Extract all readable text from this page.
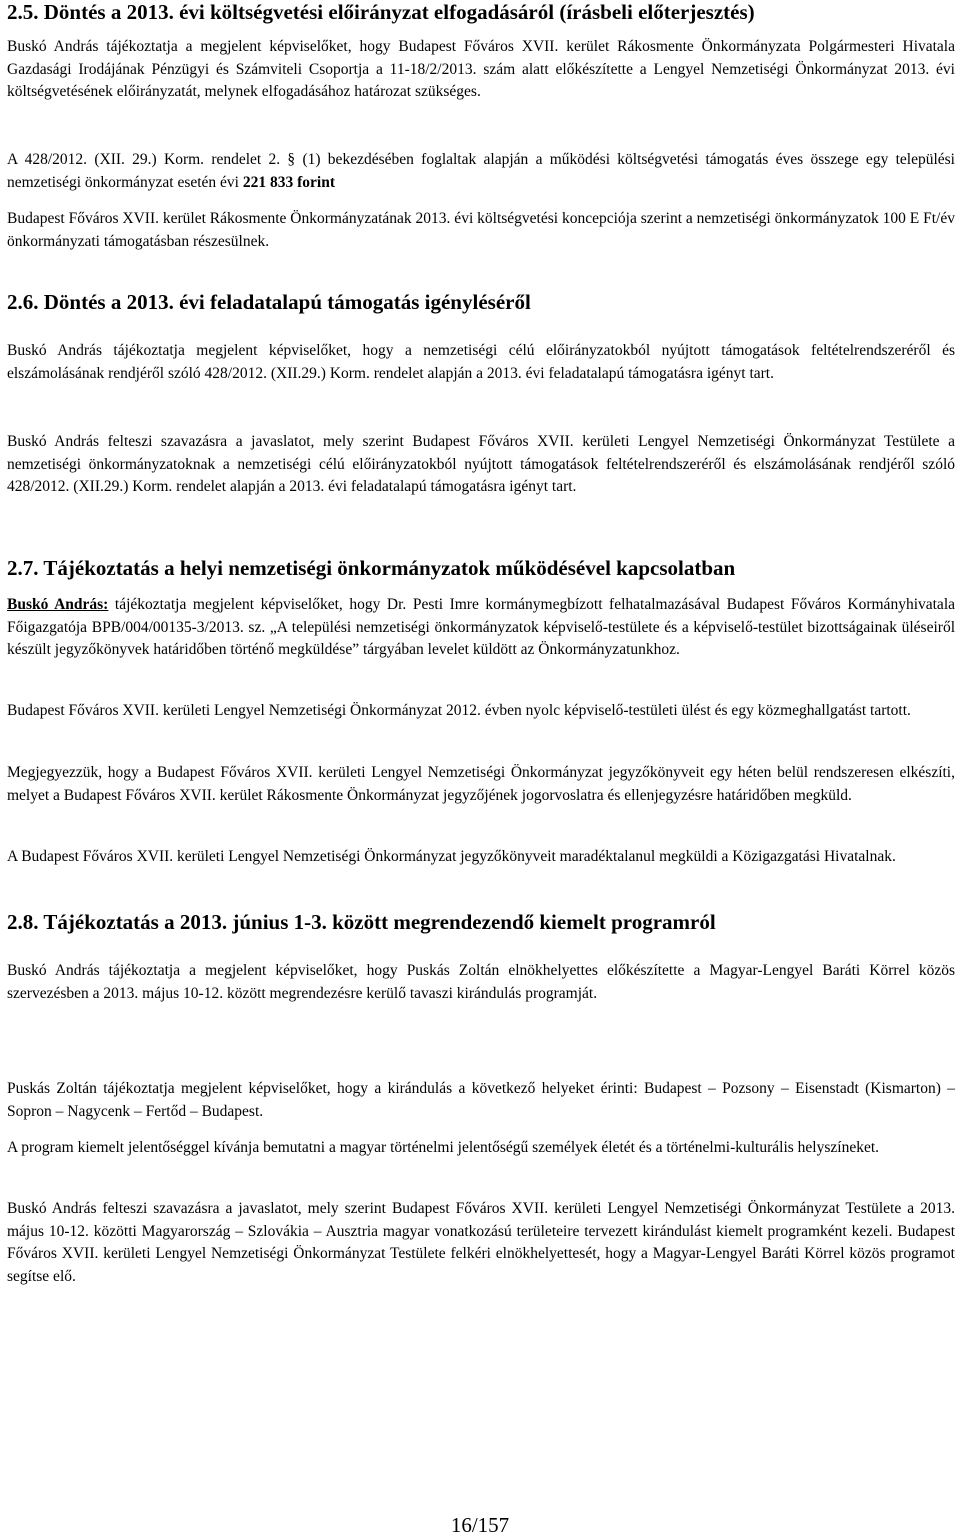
2.5. Döntés a 2013. évi költségvetési előirányzat elfogadásáról (írásbeli előterjesztés)

Buskó András tájékoztatja a megjelent képviselőket, hogy Budapest Főváros XVII. kerület Rákosmente Önkormányzata Polgármesteri Hivatala Gazdasági Irodájának Pénzügyi és Számviteli Csoportja a 11-18/2/2013. szám alatt előkészítette a Lengyel Nemzetiségi Önkormányzat 2013. évi költségvetésének előirányzatát, melynek elfogadásához határozat szükséges.

A 428/2012. (XII. 29.) Korm. rendelet 2. § (1) bekezdésében foglaltak alapján a működési költségvetési támogatás éves összege egy települési nemzetiségi önkormányzat esetén évi 221 833 forint

Budapest Főváros XVII. kerület Rákosmente Önkormányzatának 2013. évi költségvetési koncepciója szerint a nemzetiségi önkormányzatok 100 E Ft/év önkormányzati támogatásban részesülnek.

2.6. Döntés a 2013. évi feladatalapú támogatás igényléséről

Buskó András tájékoztatja megjelent képviselőket, hogy a nemzetiségi célú előirányzatokból nyújtott támogatások feltételrendszeréről és elszámolásának rendjéről szóló 428/2012. (XII.29.) Korm. rendelet alapján a 2013. évi feladatalapú támogatásra igényt tart.

Buskó András felteszi szavazásra a javaslatot, mely szerint Budapest Főváros XVII. kerületi Lengyel Nemzetiségi Önkormányzat Testülete a nemzetiségi önkormányzatoknak a nemzetiségi célú előirányzatokból nyújtott támogatások feltételrendszeréről és elszámolásának rendjéről szóló 428/2012. (XII.29.) Korm. rendelet alapján a 2013. évi feladatalapú támogatásra igényt tart.

2.7. Tájékoztatás a helyi nemzetiségi önkormányzatok működésével kapcsolatban

Buskó András: tájékoztatja megjelent képviselőket, hogy Dr. Pesti Imre kormánymegbízott felhatalmazásával Budapest Főváros Kormányhivatala Főigazgatója BPB/004/00135-3/2013. sz. „A települési nemzetiségi önkormányzatok képviselő-testülete és a képviselő-testület bizottságainak üléseiről készült jegyzőkönyvek határidőben történő megküldése” tárgyában levelet küldött az Önkormányzatunkhoz.

Budapest Főváros XVII. kerületi Lengyel Nemzetiségi Önkormányzat 2012. évben nyolc képviselő-testületi ülést és egy közmeghallgatást tartott.

Megjegyezzük, hogy a Budapest Főváros XVII. kerületi Lengyel Nemzetiségi Önkormányzat jegyzőkönyveit egy héten belül rendszeresen elkészíti, melyet a Budapest Főváros XVII. kerület Rákosmente Önkormányzat jegyzőjének jogorvoslatra és ellenjegyzésre határidőben megküld.

A Budapest Főváros XVII. kerületi Lengyel Nemzetiségi Önkormányzat jegyzőkönyveit maradéktalanul megküldi a Közigazgatási Hivatalnak.

2.8. Tájékoztatás a 2013. június 1-3. között megrendezendő kiemelt programról

Buskó András tájékoztatja a megjelent képviselőket, hogy Puskás Zoltán elnökhelyettes előkészítette a Magyar-Lengyel Baráti Körrel közös szervezésben a 2013. május 10-12. között megrendezésre kerülő tavaszi kirándulás programját.

Puskás Zoltán tájékoztatja megjelent képviselőket, hogy a kirándulás a következő helyeket érinti: Budapest – Pozsony – Eisenstadt (Kismarton) – Sopron – Nagycenk – Fertőd – Budapest.

A program kiemelt jelentőséggel kívánja bemutatni a magyar történelmi jelentőségű személyek életét és a történelmi-kulturális helyszíneket.

Buskó András felteszi szavazásra a javaslatot, mely szerint Budapest Főváros XVII. kerületi Lengyel Nemzetiségi Önkormányzat Testülete a 2013. május 10-12. közötti Magyarország – Szlovákia – Ausztria magyar vonatkozású területeire tervezett kirándulást kiemelt programként kezeli. Budapest Főváros XVII. kerületi Lengyel Nemzetiségi Önkormányzat Testülete felkéri elnökhelyettesét, hogy a Magyar-Lengyel Baráti Körrel közös programot segítse elő.

16/157
